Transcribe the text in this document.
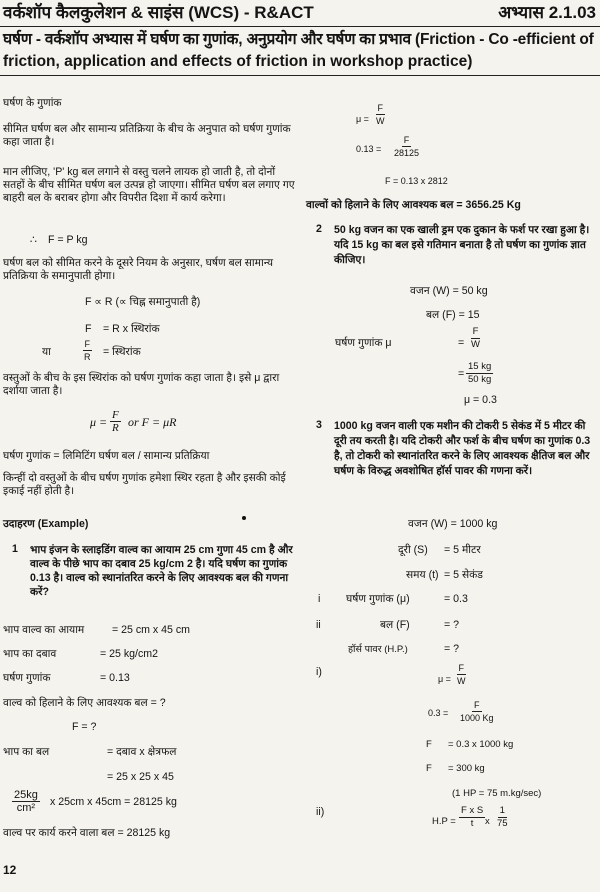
वर्कशॉप कैलकुलेशन & साइंस (WCS) - R&ACT	अभ्यास 2.1.03
घर्षण - वर्कशॉप अभ्यास में घर्षण का गुणांक, अनुप्रयोग और घर्षण का प्रभाव (Friction - Co -efficient of
friction, application and effects of friction in workshop practice)
घर्षण के गुणांक
सीमित घर्षण बल और सामान्य प्रतिक्रिया के बीच के अनुपात को घर्षण गुणांक कहा जाता है।
मान लीजिए, 'P' kg बल लगाने से वस्तु चलने लायक हो जाती है, तो दोनों सतहों के बीच सीमित घर्षण बल उत्पन्न हो जाएगा। सीमित घर्षण बल लगाए गए बाहरी बल के बराबर होगा और विपरीत दिशा में कार्य करेगा।
∴ F = P kg
घर्षण बल को सीमित करने के दूसरे नियम के अनुसार, घर्षण बल सामान्य प्रतिक्रिया के समानुपाती होगा।
F ∝ R (∝ चिह्न समानुपाती है)
F = R x स्थिरांक
या	$\frac{F}{R}$ = स्थिरांक
वस्तुओं के बीच के इस स्थिरांक को घर्षण गुणांक कहा जाता है। इसे μ द्वारा दर्शाया जाता है।
$\mu = \frac{F}{R}$ or F = μR
घर्षण गुणांक = लिमिटिंग घर्षण बल / सामान्य प्रतिक्रिया
किन्हीं दो वस्तुओं के बीच घर्षण गुणांक हमेशा स्थिर रहता है और इसकी कोई इकाई नहीं होती है।
उदाहरण (Example)
1 भाप इंजन के स्लाइडिंग वाल्व का आयाम 25 cm गुणा 45 cm है और वाल्व के पीछे भाप का दबाव 25 kg/cm 2 है। यदि घर्षण का गुणांक 0.13 है। वाल्व को स्थानांतरित करने के लिए आवश्यक बल की गणना करें?
भाप वाल्व का आयाम	= 25 cm x 45 cm
भाप का दबाव	= 25 kg/cm2
घर्षण गुणांक	= 0.13
वाल्व को हिलाने के लिए आवश्यक बल = ?
F = ?
भाप का बल	= दबाव x क्षेत्रफल
= 25 x 25 x 45
$\frac{25kg}{\text{cm²}}$ x 25cm x 45cm = 28125 kg
वाल्व पर कार्य करने वाला बल = 28125 kg
12
$\mu = \frac{F}{W}$
$0.13 = \frac{F}{28125}$
F = 0.13 x 2812
वाल्वों को हिलाने के लिए आवश्यक बल = 3656.25 Kg
2 50 kg वजन का एक खाली ड्रम एक दुकान के फर्श पर रखा हुआ है। यदि 15 kg का बल इसे गतिमान बनाता है तो घर्षण का गुणांक ज्ञात कीजिए।
वजन (W) = 50 kg
बल (F) = 15
घर्षण गुणांक μ	= $\frac{F}{W}$
= $\frac{15 kg}{50 kg}$
μ = 0.3
3 1000 kg वजन वाली एक मशीन की टोकरी 5 सेकंड में 5 मीटर की दूरी तय करती है। यदि टोकरी और फर्श के बीच घर्षण का गुणांक 0.3 है, तो टोकरी को स्थानांतरित करने के लिए आवश्यक क्षैतिज बल और घर्षण के विरुद्ध अवशोषित हॉर्स पावर की गणना करें।
वजन (W) = 1000 kg
दूरी (S) = 5 मीटर
समय (t) = 5 सेकंड
i घर्षण गुणांक (μ)	= 0.3
ii	बल (F)	= ?
हॉर्स पावर (H.P.)	= ?
i)
$\mu = \frac{F}{W}$
$0.3 = \frac{F}{1000 Kg}$
F = 0.3 x 1000 kg
F = 300 kg
(1 HP = 75 m.kg/sec)
ii)
$H.P = \frac{\text{F x S}}{t}$ x $\frac{1}{75}$
